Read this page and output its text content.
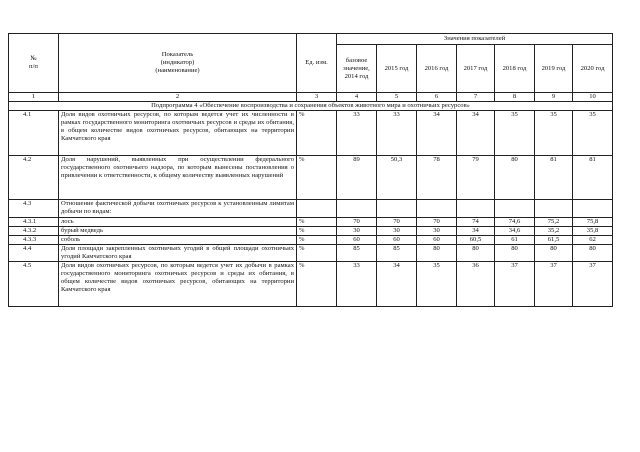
№
п/п	Показатель
(индикатор)
(наименование)	Ед. изм.	Значения показателей						
			базовое
значение,
2014 год	2015 год	2016 год	2017 год	2018 год	2019 год	2020 год
1	2	3	4	5	6	7	8	9	10
Подпрограмма 4 «Обеспечение воспроизводства и сохранения объектов животного мира и охотничьих ресурсов»									
4.1	Доля видов охотничьих ресурсов, по которым ведется учет их численности в рамках государственного мониторинга охотничьих ресурсов и среды их обитания, в общем количестве видов охотничьих ресурсов, обитающих на территории Камчатского края	%	33	33	34	34	35	35	35
4.2	Доля нарушений, выявленных при осуществлении федерального государственного охотничьего надзора, по которым вынесены постановления о привлечении к ответственности, к общему количеству выявленных нарушений	%	89	50,3	78	79	80	81	81
4.3	Отношение фактической добычи охотничьих ресурсов к установленным лимитам добычи по видам:								
4.3.1	лось	%	70	70	70	74	74,6	75,2	75,8
4.3.2	бурый медведь	%	30	30	30	34	34,6	35,2	35,8
4.3.3	соболь	%	60	60	60	60,5	61	61,5	62
4.4	Доля площади закрепленных охотничьих угодий в общей площади охотничьих угодий Камчатского края	%	85	85	80	80	80	80	80
4.5	Доля видов охотничьих ресурсов, по которым ведется учет их добычи в рамках государственного мониторинга охотничьих ресурсов и среды их обитания, в общем количестве видов охотничьих ресурсов, обитающих на территории Камчатского края	%	33	34	35	36	37	37	37
